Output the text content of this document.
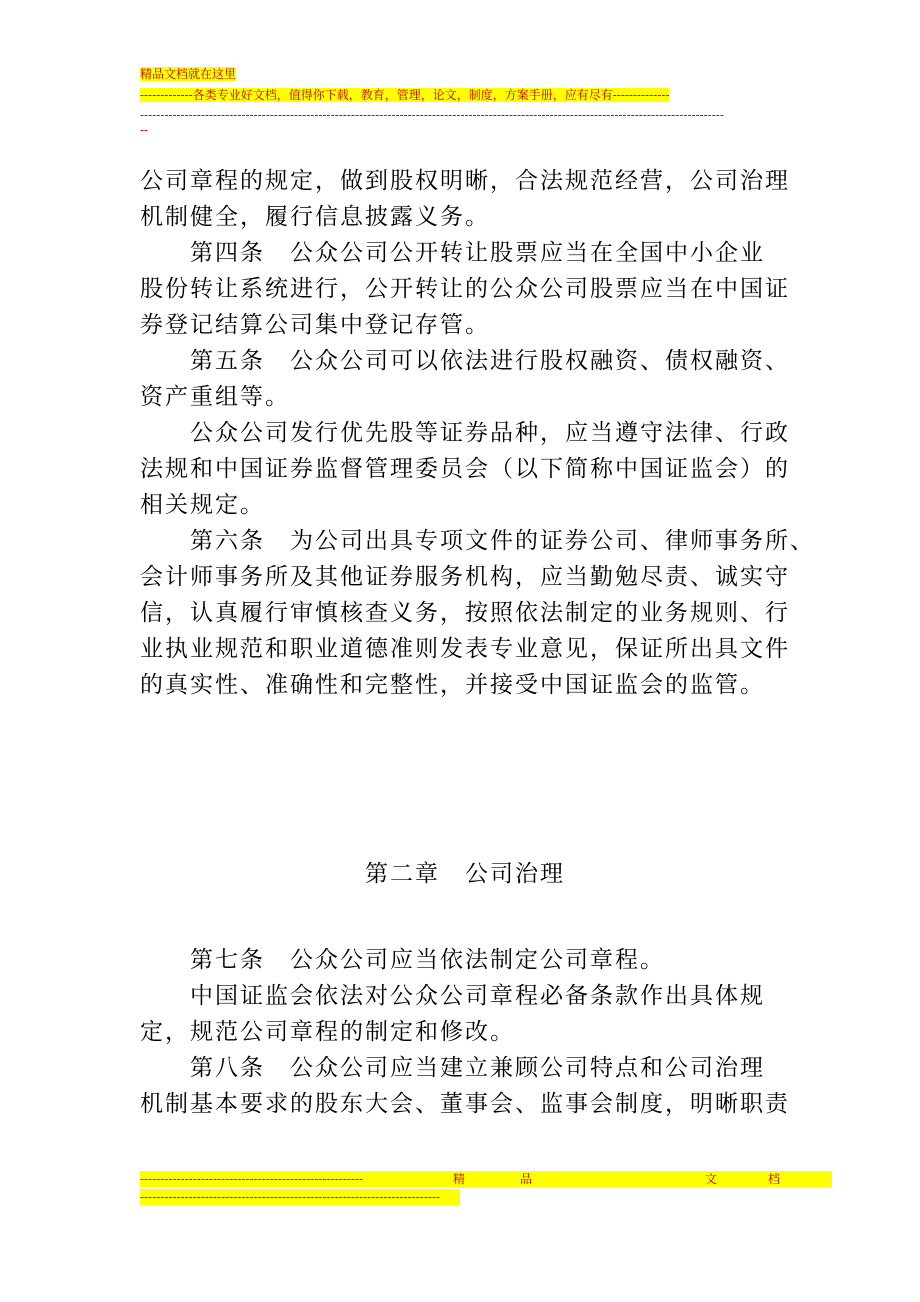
精品文档就在这里
-------------各类专业好文档，值得你下载，教育，管理，论文，制度，方案手册，应有尽有--------------
------------------------------------------------------------------------------------------------------------------------------------------------
--

公司章程的规定，做到股权明晰，合法规范经营，公司治理
机制健全，履行信息披露义务。

第四条　公众公司公开转让股票应当在全国中小企业
股份转让系统进行，公开转让的公众公司股票应当在中国证
券登记结算公司集中登记存管。

第五条　公众公司可以依法进行股权融资、债权融资、
资产重组等。

公众公司发行优先股等证券品种，应当遵守法律、行政
法规和中国证券监督管理委员会（以下简称中国证监会）的
相关规定。

第六条　为公司出具专项文件的证券公司、律师事务所、
会计师事务所及其他证券服务机构，应当勤勉尽责、诚实守
信，认真履行审慎核查义务，按照依法制定的业务规则、行
业执业规范和职业道德准则发表专业意见，保证所出具文件
的真实性、准确性和完整性，并接受中国证监会的监管。

第二章　公司治理

第七条　公众公司应当依法制定公司章程。

中国证监会依法对公众公司章程必备条款作出具体规
定，规范公司章程的制定和修改。

第八条　公众公司应当建立兼顾公司特点和公司治理
机制基本要求的股东大会、董事会、监事会制度，明晰职责

-------------------------------------------------------	精	品	文	档
--------------------------------------------------------------------------
